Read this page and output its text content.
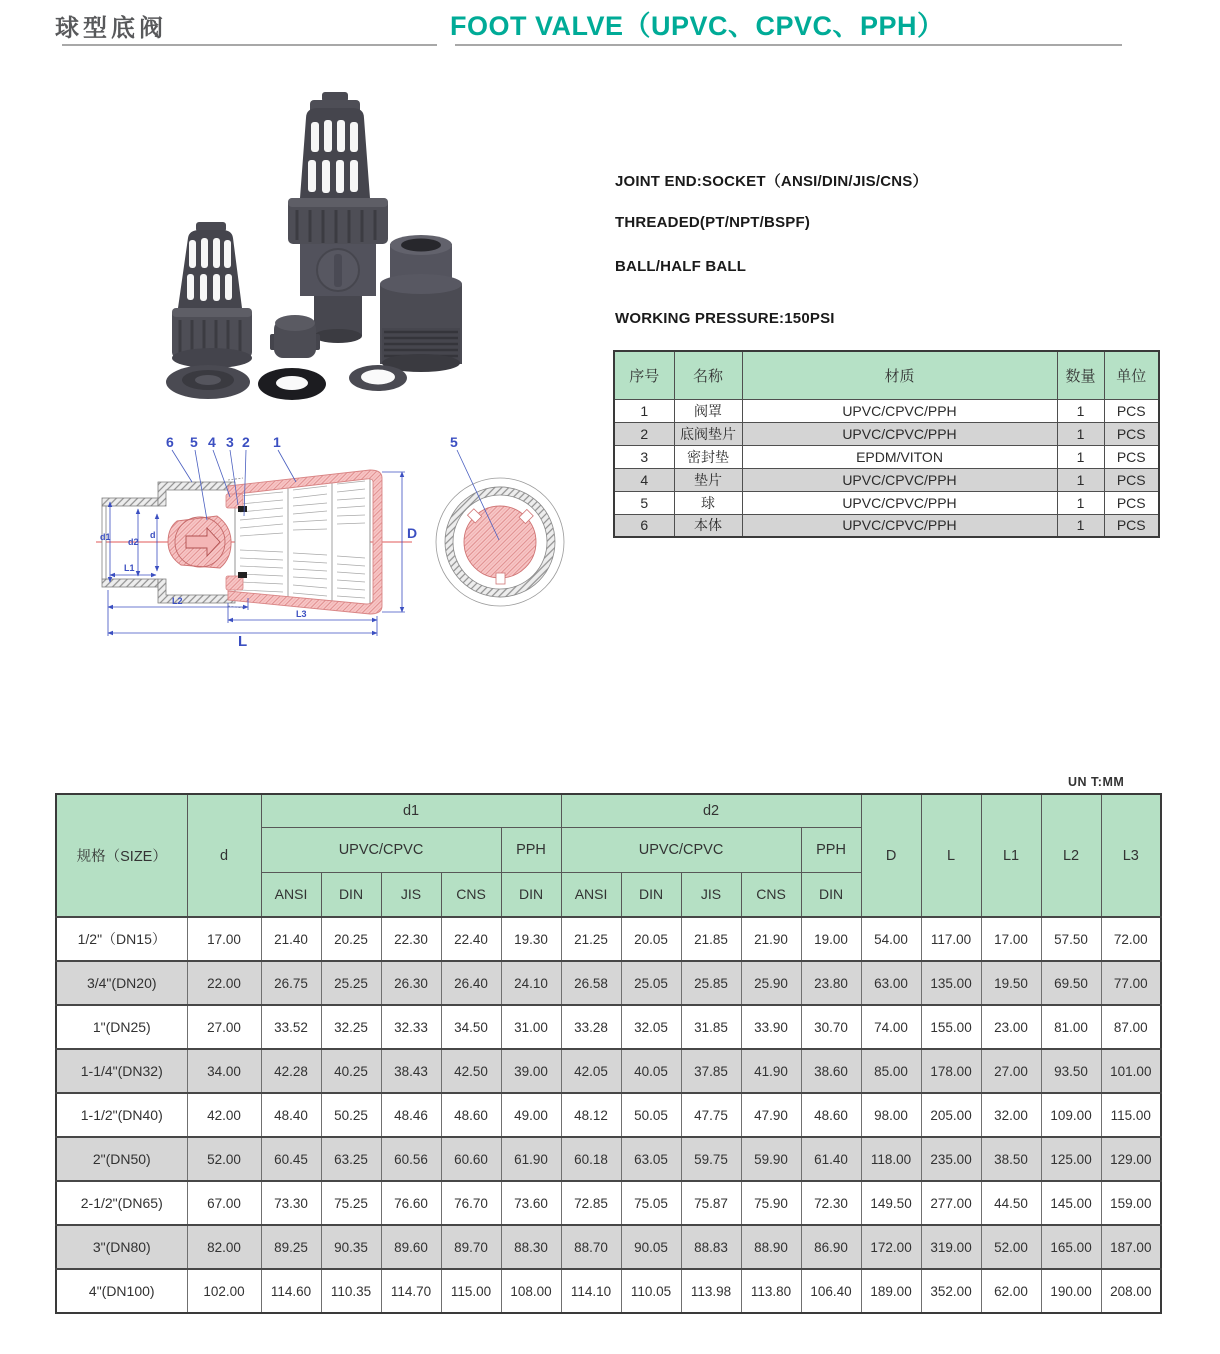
球型底阀	FOOT VALVE（UPVC、CPVC、PPH）
6 5 4 3 2 1
d1 d2
d
L1
L2
L3
L
D
5
JOINT END:SOCKET（ANSI/DIN/JIS/CNS）
THREADED(PT/NPT/BSPF)
BALL/HALF BALL
WORKING PRESSURE:150PSI
序号	名称	材质	数量	单位
1	阀罩	UPVC/CPVC/PPH	1	PCS
2	底阀垫片	UPVC/CPVC/PPH	1	PCS
3	密封垫	EPDM/VITON	1	PCS
4	垫片	UPVC/CPVC/PPH	1	PCS
5	球	UPVC/CPVC/PPH	1	PCS
6	本体	UPVC/CPVC/PPH	1	PCS
UN T:MM
规格（SIZE）	d	d1					d2					D	L	L1	L2	L3
		UPVC/CPVC				PPH	UPVC/CPVC				PPH					
		ANSI	DIN	JIS	CNS	DIN	ANSI	DIN	JIS	CNS	DIN					
1/2"（DN15）	17.00	21.40	20.25	22.30	22.40	19.30	21.25	20.05	21.85	21.90	19.00	54.00	117.00	17.00	57.50	72.00
3/4"(DN20)	22.00	26.75	25.25	26.30	26.40	24.10	26.58	25.05	25.85	25.90	23.80	63.00	135.00	19.50	69.50	77.00
1"(DN25)	27.00	33.52	32.25	32.33	34.50	31.00	33.28	32.05	31.85	33.90	30.70	74.00	155.00	23.00	81.00	87.00
1-1/4"(DN32)	34.00	42.28	40.25	38.43	42.50	39.00	42.05	40.05	37.85	41.90	38.60	85.00	178.00	27.00	93.50	101.00
1-1/2"(DN40)	42.00	48.40	50.25	48.46	48.60	49.00	48.12	50.05	47.75	47.90	48.60	98.00	205.00	32.00	109.00	115.00
2"(DN50)	52.00	60.45	63.25	60.56	60.60	61.90	60.18	63.05	59.75	59.90	61.40	118.00	235.00	38.50	125.00	129.00
2-1/2"(DN65)	67.00	73.30	75.25	76.60	76.70	73.60	72.85	75.05	75.87	75.90	72.30	149.50	277.00	44.50	145.00	159.00
3"(DN80)	82.00	89.25	90.35	89.60	89.70	88.30	88.70	90.05	88.83	88.90	86.90	172.00	319.00	52.00	165.00	187.00
4"(DN100)	102.00	114.60	110.35	114.70	115.00	108.00	114.10	110.05	113.98	113.80	106.40	189.00	352.00	62.00	190.00	208.00
